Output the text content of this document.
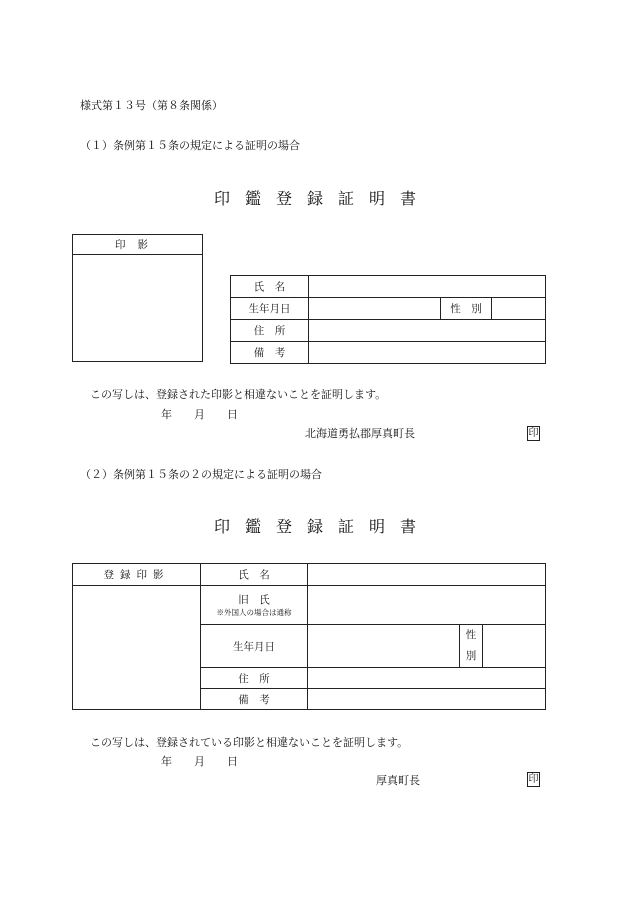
様式第１３号（第８条関係）
（１）条例第１５条の規定による証明の場合
印鑑登録証明書
印影

氏　名			
生年月日		性　別	
住　所			
備　考			
この写しは、登録された印影と相違ないことを証明します。
年　　月　　日
北海道勇払郡厚真町長	印
（２）条例第１５条の２の規定による証明の場合
印鑑登録証明書
登録印影	氏　名			

	旧　氏
※外国人の場合は通称			

	生年月日		性
別	

	住　所			
	備　考			
この写しは、登録されている印影と相違ないことを証明します。
年　　月　　日
厚真町長	印
